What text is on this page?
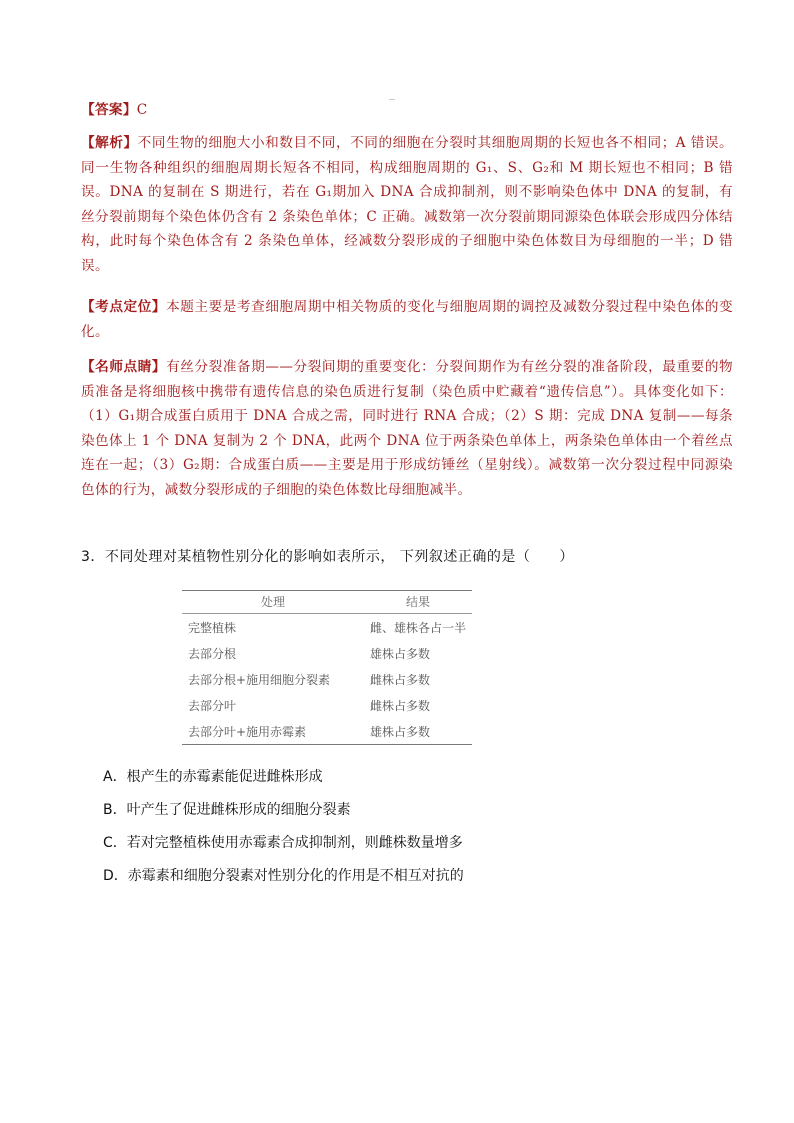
【答案】C
【解析】不同生物的细胞大小和数目不同，不同的细胞在分裂时其细胞周期的长短也各不相同；A 错误。同一生物各种组织的细胞周期长短各不相同，构成细胞周期的 G₁、S、G₂和 M 期长短也不相同；B 错误。DNA 的复制在 S 期进行，若在 G₁期加入 DNA 合成抑制剂，则不影响染色体中 DNA 的复制，有丝分裂前期每个染色体仍含有 2 条染色单体；C 正确。减数第一次分裂前期同源染色体联会形成四分体结构，此时每个染色体含有 2 条染色单体，经减数分裂形成的子细胞中染色体数目为母细胞的一半；D 错误。
【考点定位】本题主要是考查细胞周期中相关物质的变化与细胞周期的调控及减数分裂过程中染色体的变化。
【名师点睛】有丝分裂准备期——分裂间期的重要变化：分裂间期作为有丝分裂的准备阶段，最重要的物质准备是将细胞核中携带有遗传信息的染色质进行复制（染色质中贮藏着“遗传信息”）。具体变化如下：（1）G₁期合成蛋白质用于 DNA 合成之需，同时进行 RNA 合成；（2）S 期：完成 DNA 复制——每条染色体上 1 个 DNA 复制为 2 个 DNA，此两个 DNA 位于两条染色单体上，两条染色单体由一个着丝点连在一起；（3）G₂期：合成蛋白质——主要是用于形成纺锤丝（星射线）。减数第一次分裂过程中同源染色体的行为，减数分裂形成的子细胞的染色体数比母细胞减半。
3．不同处理对某植物性别分化的影响如表所示， 下列叙述正确的是（　　）
处理	结果
完整植株	雌、雄株各占一半
去部分根	雄株占多数
去部分根+施用细胞分裂素	雌株占多数
去部分叶	雌株占多数
去部分叶+施用赤霉素	雄株占多数
A．根产生的赤霉素能促进雌株形成
B．叶产生了促进雌株形成的细胞分裂素
C．若对完整植株使用赤霉素合成抑制剂，则雌株数量增多
D．赤霉素和细胞分裂素对性别分化的作用是不相互对抗的
